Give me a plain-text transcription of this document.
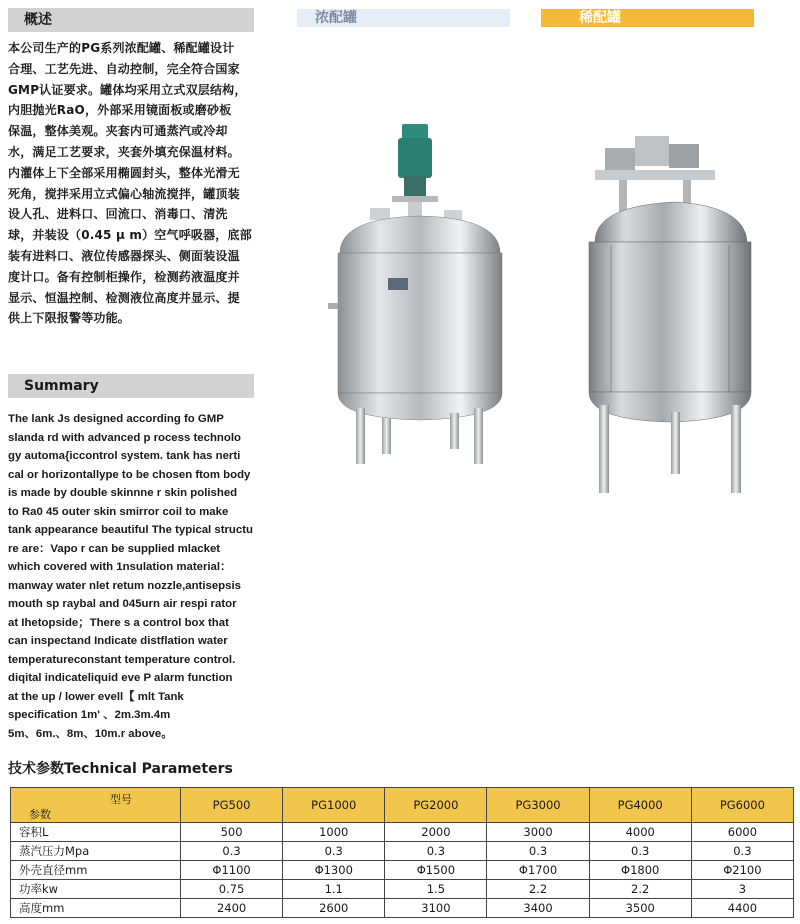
概述
本公司生产的PG系列浓配罐、稀配罐设计
合理、工艺先进、自动控制，完全符合国家
GMP认证要求。罐体均采用立式双层结构，
内胆抛光RaO，外部采用镜面板或磨砂板
保温，整体美观。夹套内可通蒸汽或冷却
水，满足工艺要求，夹套外填充保温材料。
内灌体上下全部采用椭圆封头，整体光滑无
死角，搅拌采用立式偏心轴流搅拌，罐顶装
设人孔、进料口、回流口、消毒口、清洗
球，并装设（0.45 μ m）空气呼吸器，底部
装有进料口、液位传感器探头、侧面装设温
度计口。备有控制柜操作，检测药液温度并
显示、恒温控制、检测液位高度并显示、提
供上下限报警等功能。
Summary
The lank Js designed according fo GMP
slanda rd with advanced p rocess technolo
gy automa{iccontrol system. tank has nerti
cal or horizontallype to be chosen ftom body
is made by double skinnne r skin polished
to Ra0 45 outer skin smirror coil to make
tank appearance beautiful The typical structu
re are：Vapo r can be supplied mlacket
which covered with 1nsulation material：
manway water nlet retum nozzle,antisepsis
mouth sp raybal and 045urn air respi rator
at Ihetopside；There s a control box that
can inspectand Indicate distflation water
temperatureconstant temperature control.
diqital indicateliquid eve P alarm function
at the up / lower evell【 mlt Tank
specification 1m' 、2m.3m.4m
5m、6m.、8m、10m.r above。
浓配罐	稀配罐
技术参数Technical Parameters
型号
参数	PG500	PG1000	PG2000	PG3000	PG4000	PG6000
容积L	500	1000	2000	3000	4000	6000
蒸汽压力Mpa	0.3	0.3	0.3	0.3	0.3	0.3
外壳直径mm	Φ1100	Φ1300	Φ1500	Φ1700	Φ1800	Φ2100
功率kw	0.75	1.1	1.5	2.2	2.2	3
高度mm	2400	2600	3100	3400	3500	4400
